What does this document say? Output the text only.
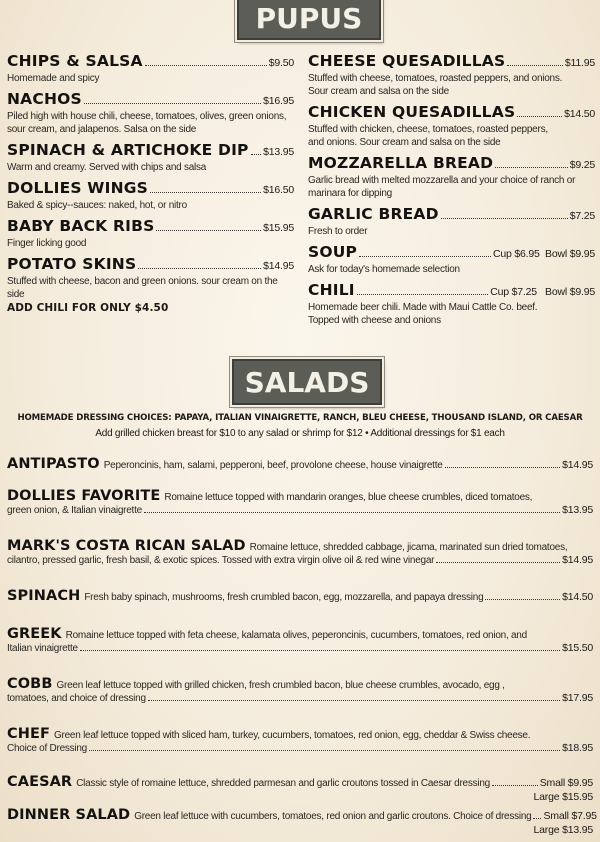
PUPUS
CHIPS & SALSA	$9.50
Homemade and spicy
NACHOS	$16.95
Piled high with house chili, cheese, tomatoes, olives, green onions,
sour cream, and jalapenos. Salsa on the side
SPINACH & ARTICHOKE DIP $13.95
Warm and creamy. Served with chips and salsa
DOLLIES WINGS	$16.50
Baked & spicy--sauces: naked, hot, or nitro
BABY BACK RIBS	$15.95
Finger licking good
POTATO SKINS	$14.95
Stuffed with cheese, bacon and green onions. sour cream on the side
ADD CHILI FOR ONLY $4.50
CHEESE QUESADILLAS	$11.95
Stuffed with cheese, tomatoes, roasted peppers, and onions.
Sour cream and salsa on the side
CHICKEN QUESADILLAS	$14.50
Stuffed with chicken, cheese, tomatoes, roasted peppers,
and onions. Sour cream and salsa on the side
MOZZARELLA BREAD	$9.25
Garlic bread with melted mozzarella and your choice of ranch or
marinara for dipping
GARLIC BREAD	$7.25
Fresh to order
SOUP	Cup $6.95  Bowl $9.95
Ask for today's homemade selection
CHILI	Cup $7.25   Bowl $9.95
Homemade beer chili. Made with Maui Cattle Co. beef.
Topped with cheese and onions
SALADS
HOMEMADE DRESSING CHOICES: PAPAYA, ITALIAN VINAIGRETTE, RANCH, BLEU CHEESE, THOUSAND ISLAND, OR CAESAR
Add grilled chicken breast for $10 to any salad or shrimp for $12 • Additional dressings for $1 each
ANTIPASTO Peperoncinis, ham, salami, pepperoni, beef, provolone cheese, house vinaigrette	$14.95
DOLLIES FAVORITE Romaine lettuce topped with mandarin oranges, blue cheese crumbles, diced tomatoes,
green onion, & Italian vinaigrette	$13.95
MARK'S COSTA RICAN SALAD Romaine lettuce, shredded cabbage, jicama, marinated sun dried tomatoes,
cilantro, pressed garlic, fresh basil, & exotic spices. Tossed with extra virgin olive oil & red wine vinegar	$14.95
SPINACH Fresh baby spinach, mushrooms, fresh crumbled bacon, egg, mozzarella, and papaya dressing	$14.50
GREEK Romaine lettuce topped with feta cheese, kalamata olives, peperoncinis, cucumbers, tomatoes, red onion, and
Italian vinaigrette	$15.50
COBB Green leaf lettuce topped with grilled chicken, fresh crumbled bacon, blue cheese crumbles, avocado, egg ,
tomatoes, and choice of dressing	$17.95
CHEF Green leaf lettuce topped with sliced ham, turkey, cucumbers, tomatoes, red onion, egg, cheddar & Swiss cheese.
Choice of Dressing	$18.95
CAESAR Classic style of romaine lettuce, shredded parmesan and garlic croutons tossed in Caesar dressing	Small $9.95
Large $15.95
DINNER SALAD Green leaf lettuce with cucumbers, tomatoes, red onion and garlic croutons. Choice of dressing Small $7.95
Large $13.95
